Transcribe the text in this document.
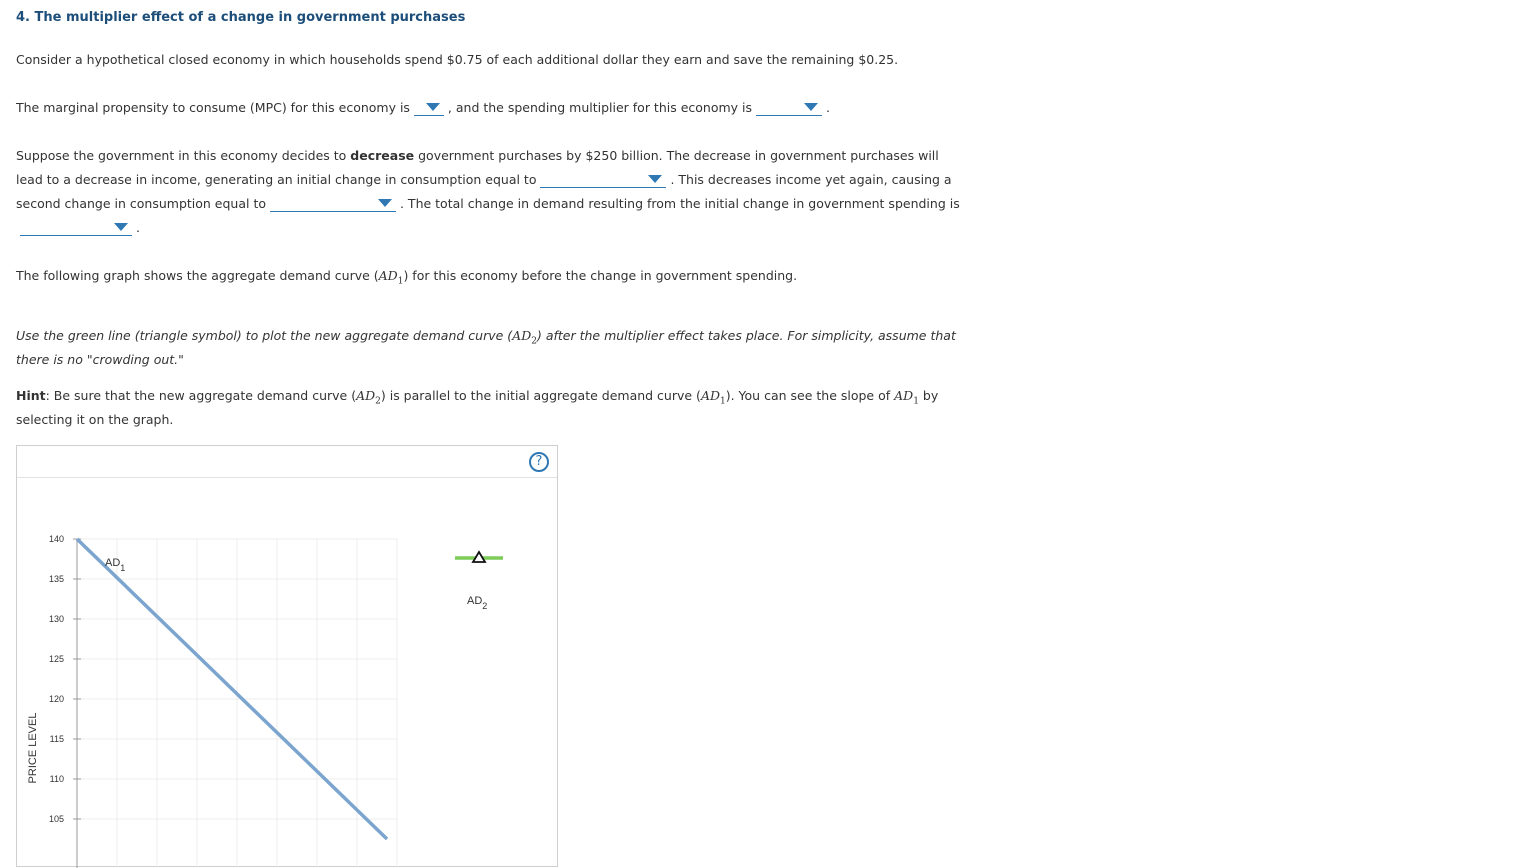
4. The multiplier effect of a change in government purchases
Consider a hypothetical closed economy in which households spend $0.75 of each additional dollar they earn and save the remaining $0.25.
The marginal propensity to consume (MPC) for this economy is	, and the spending multiplier for this economy is	.
Suppose the government in this economy decides to decrease government purchases by $250 billion. The decrease in government purchases will
lead to a decrease in income, generating an initial change in consumption equal to	. This decreases income yet again, causing a
second change in consumption equal to	. The total change in demand resulting from the initial change in government spending is
.
The following graph shows the aggregate demand curve $(AD_1)$ for this economy before the change in government spending.
Use the green line (triangle symbol) to plot the new aggregate demand curve $(AD_2)$ after the multiplier effect takes place. For simplicity, assume that
there is no "crowding out."
Hint: Be sure that the new aggregate demand curve $(AD_2)$ is parallel to the initial aggregate demand curve $(AD_1)$. You can see the slope of $AD_1$ by
selecting it on the graph.
?
140
135
130
125
120
115
110
105
PRICE LEVEL
$AD_1$
$AD_2$
